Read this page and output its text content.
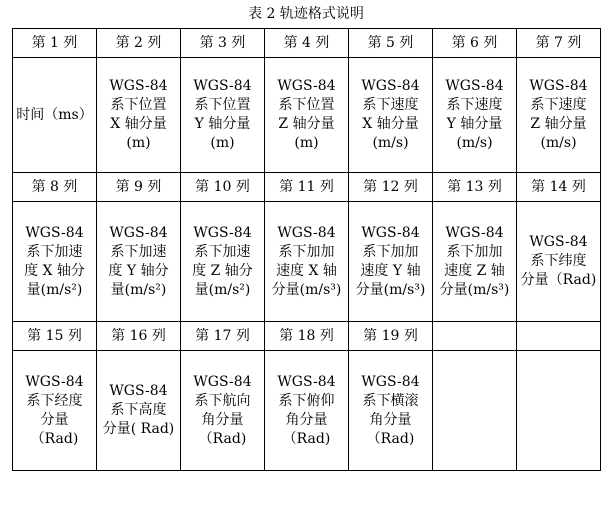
表 2 轨迹格式说明
第 1 列	第 2 列	第 3 列	第 4 列	第 5 列	第 6 列	第 7 列
时间（ms）	WGS-84
系下位置
X 轴分量
(m)	WGS-84
系下位置
Y 轴分量
(m)	WGS-84
系下位置
Z 轴分量
(m)	WGS-84
系下速度
X 轴分量
(m/s)	WGS-84
系下速度
Y 轴分量
(m/s)	WGS-84
系下速度
Z 轴分量
(m/s)
第 8 列	第 9 列	第 10 列	第 11 列	第 12 列	第 13 列	第 14 列
WGS-84
系下加速
度 X 轴分
量(m/s²)	WGS-84
系下加速
度 Y 轴分
量(m/s²)	WGS-84
系下加速
度 Z 轴分
量(m/s²)	WGS-84
系下加加
速度 X 轴
分量(m/s³)	WGS-84
系下加加
速度 Y 轴
分量(m/s³)	WGS-84
系下加加
速度 Z 轴
分量(m/s³)	WGS-84
系下纬度
分量（Rad)
第 15 列	第 16 列	第 17 列	第 18 列	第 19 列		
WGS-84
系下经度
分量
（Rad)	WGS-84
系下高度
分量( Rad)	WGS-84
系下航向
角分量
（Rad)	WGS-84
系下俯仰
角分量
（Rad)	WGS-84
系下横滚
角分量
（Rad)		
